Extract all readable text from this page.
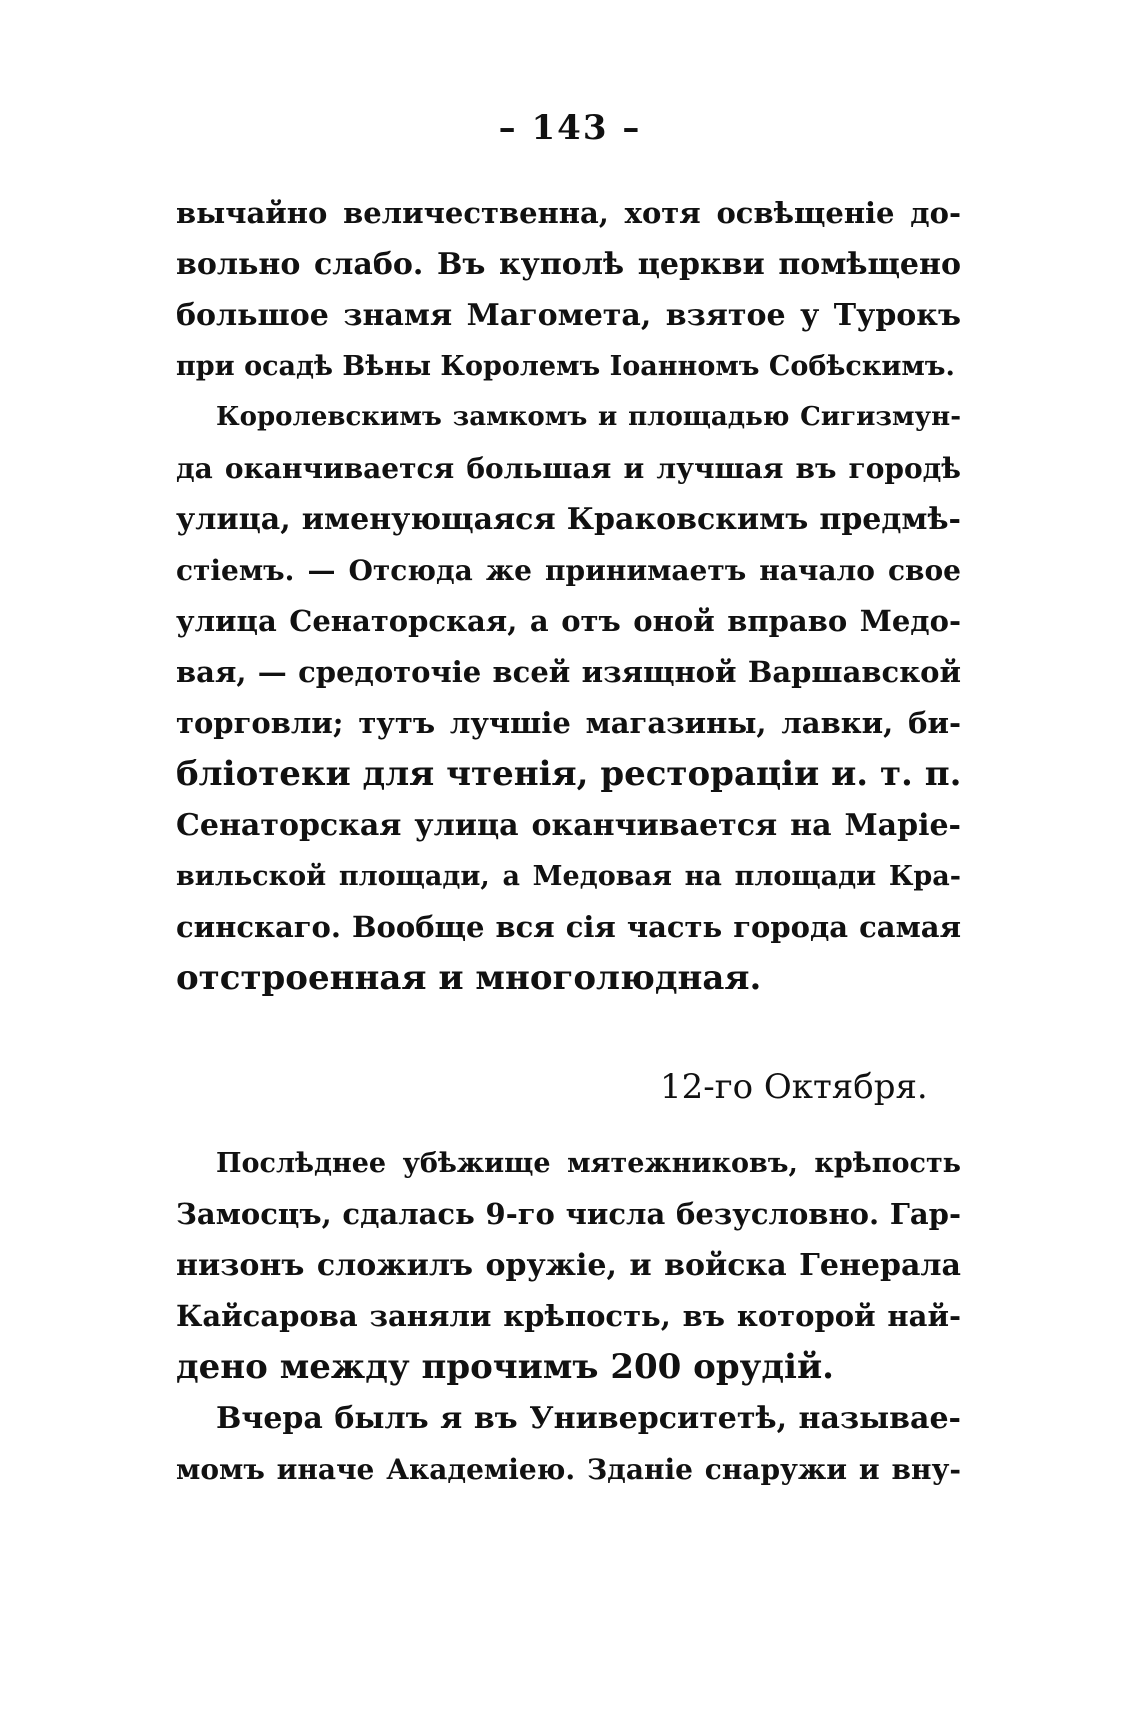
– 143 –
вычайно величественна, хотя освѣщеніе до-
вольно слабо. Въ куполѣ церкви помѣщено
большое знамя Магомета, взятое у Турокъ
при осадѣ Вѣны Королемъ Іоанномъ Собѣскимъ.
Королевскимъ замкомъ и площадью Сигизмун-
да оканчивается большая и лучшая въ городѣ
улица, именующаяся Краковскимъ предмѣ-
стіемъ. — Отсюда же принимаетъ начало свое
улица Сенаторская, а отъ оной вправо Медо-
вая, — средоточіе всей изящной Варшавской
торговли; тутъ лучшіе магазины, лавки, би-
бліотеки для чтенія, ресторацiи и. т. п.
Сенаторская улица оканчивается на Маріе-
вильской площади, а Медовая на площади Кра-
синскаго. Вообще вся сія часть города самая
отстроенная и многолюдная.
12-го Октября.
Послѣднее убѣжище мятежниковъ, крѣпость
Замосцъ, сдалась 9-го числа безусловно. Гар-
низонъ сложилъ оружіе, и войска Генерала
Кайсарова заняли крѣпость, въ которой най-
дено между прочимъ 200 орудій.
Вчера былъ я въ Университетѣ, называе-
момъ иначе Академіею. Зданіе снаружи и вну-
